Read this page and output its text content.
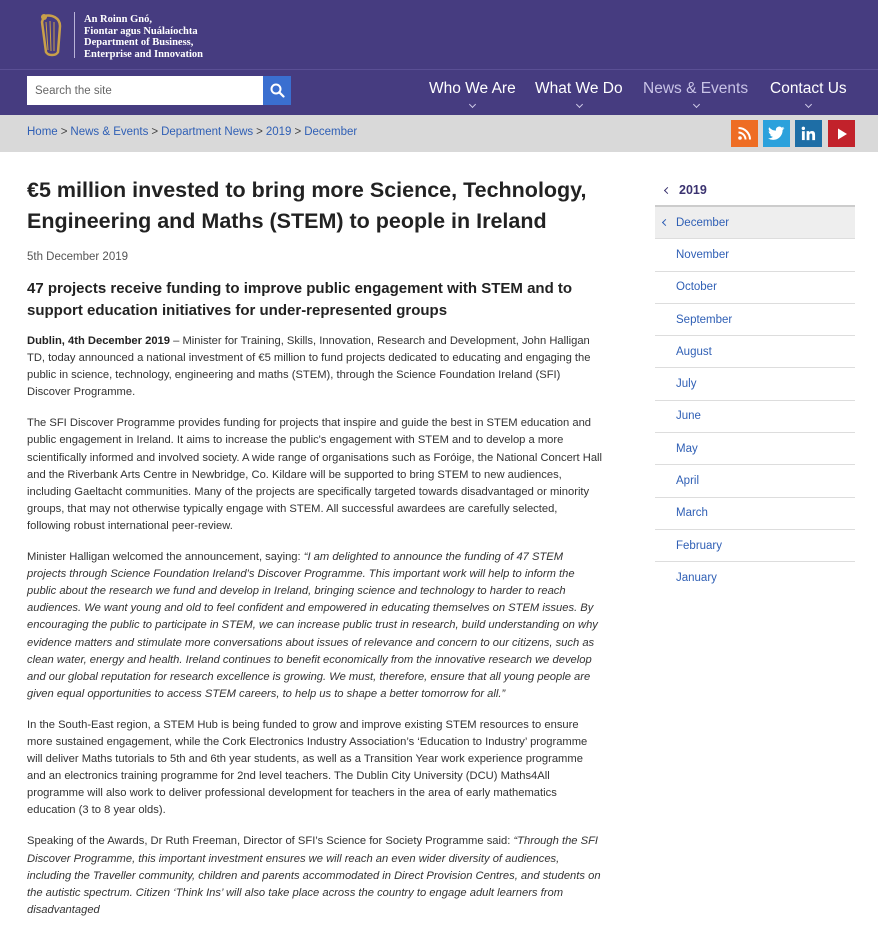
An Roinn Gnó,
Fiontar agus Nuálaíochta
Department of Business,
Enterprise and Innovation
Search the site
Who We Are What We Do News & Events Contact Us
Home > News & Events > Department News > 2019 > December
€5 million invested to bring more Science, Technology, Engineering and Maths (STEM) to people in Ireland
5th December 2019
47 projects receive funding to improve public engagement with STEM and to support education initiatives for under-represented groups

Dublin, 4th December 2019 – Minister for Training, Skills, Innovation, Research and Development, John Halligan TD, today announced a national investment of €5 million to fund projects dedicated to educating and engaging the public in science, technology, engineering and maths (STEM), through the Science Foundation Ireland (SFI) Discover Programme.

The SFI Discover Programme provides funding for projects that inspire and guide the best in STEM education and public engagement in Ireland. It aims to increase the public's engagement with STEM and to develop a more scientifically informed and involved society. A wide range of organisations such as Foróige, the National Concert Hall and the Riverbank Arts Centre in Newbridge, Co. Kildare will be supported to bring STEM to new audiences, including Gaeltacht communities. Many of the projects are specifically targeted towards disadvantaged or minority groups, that may not otherwise typically engage with STEM. All successful awardees are carefully selected, following robust international peer-review.

Minister Halligan welcomed the announcement, saying: “I am delighted to announce the funding of 47 STEM projects through Science Foundation Ireland’s Discover Programme. This important work will help to inform the public about the research we fund and develop in Ireland, bringing science and technology to harder to reach audiences. We want young and old to feel confident and empowered in educating themselves on STEM issues. By encouraging the public to participate in STEM, we can increase public trust in research, build understanding on why evidence matters and stimulate more conversations about issues of relevance and concern to our citizens, such as clean water, energy and health. Ireland continues to benefit economically from the innovative research we develop and our global reputation for research excellence is growing. We must, therefore, ensure that all young people are given equal opportunities to access STEM careers, to help us to shape a better tomorrow for all.”

In the South-East region, a STEM Hub is being funded to grow and improve existing STEM resources to ensure more sustained engagement, while the Cork Electronics Industry Association’s ‘Education to Industry’ programme will deliver Maths tutorials to 5th and 6th year students, as well as a Transition Year work experience programme and an electronics training programme for 2nd level teachers. The Dublin City University (DCU) Maths4All programme will also work to deliver professional development for teachers in the area of early mathematics education (3 to 8 year olds).

Speaking of the Awards, Dr Ruth Freeman, Director of SFI’s Science for Society Programme said: “Through the SFI Discover Programme, this important investment ensures we will reach an even wider diversity of audiences, including the Traveller community, children and parents accommodated in Direct Provision Centres, and students on the autistic spectrum. Citizen ‘Think Ins’ will also take place across the country to engage adult learners from disadvantaged

2019
December
November
October
September
August
July
June
May
April
March
February
January
